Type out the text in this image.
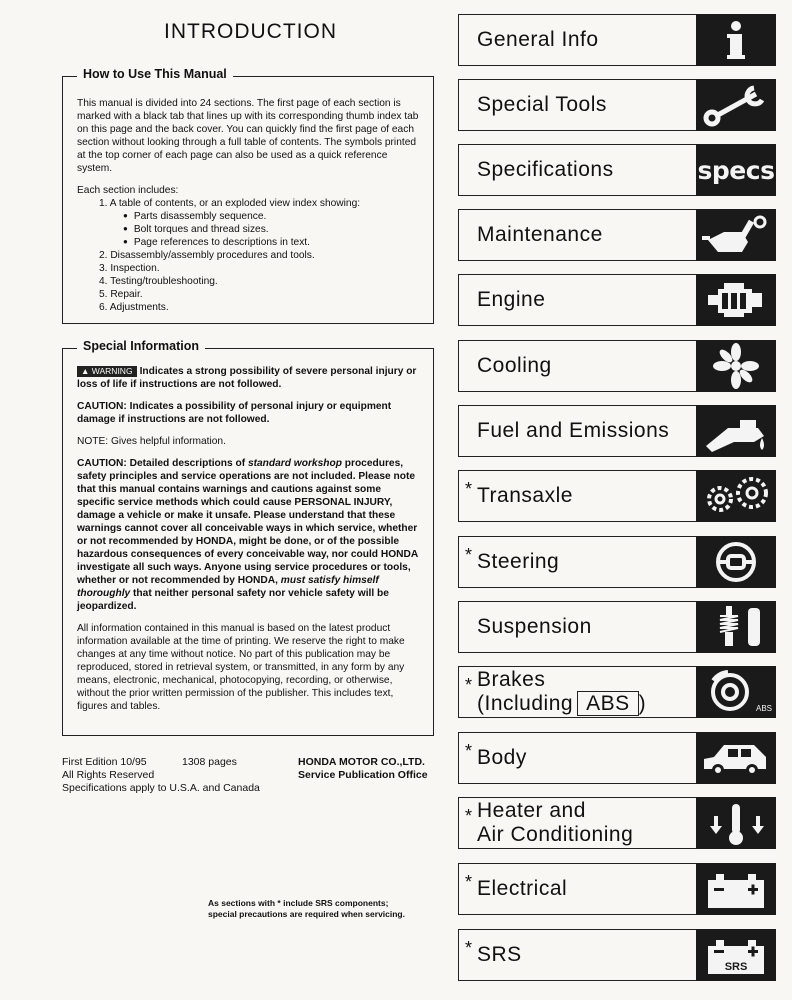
INTRODUCTION
How to Use This Manual

This manual is divided into 24 sections. The first page of each section is marked with a black tab that lines up with its corresponding thumb index tab on this page and the back cover. You can quickly find the first page of each section without looking through a full table of contents. The symbols printed at the top corner of each page can also be used as a quick reference system.

Each section includes:
1. A table of contents, or an exploded view index showing:
● Parts disassembly sequence.
● Bolt torques and thread sizes.
● Page references to descriptions in text.
2. Disassembly/assembly procedures and tools.
3. Inspection.
4. Testing/troubleshooting.
5. Repair.
6. Adjustments.
Special Information

▲ WARNING Indicates a strong possibility of severe personal injury or loss of life if instructions are not followed.

CAUTION: Indicates a possibility of personal injury or equipment damage if instructions are not followed.

NOTE: Gives helpful information.

CAUTION: Detailed descriptions of standard workshop procedures, safety principles and service operations are not included. Please note that this manual contains warnings and cautions against some specific service methods which could cause PERSONAL INJURY, damage a vehicle or make it unsafe. Please understand that these warnings cannot cover all conceivable ways in which service, whether or not recommended by HONDA, might be done, or of the possible hazardous consequences of every conceivable way, nor could HONDA investigate all such ways. Anyone using service procedures or tools, whether or not recommended by HONDA, must satisfy himself thoroughly that neither personal safety nor vehicle safety will be jeopardized.

All information contained in this manual is based on the latest product information available at the time of printing. We reserve the right to make changes at any time without notice. No part of this publication may be reproduced, stored in retrieval system, or transmitted, in any form by any means, electronic, mechanical, photocopying, recording, or otherwise, without the prior written permission of the publisher. This includes text, figures and tables.

First Edition 10/95
All Rights Reserved
Specifications apply to U.S.A. and Canada
1308 pages	HONDA MOTOR CO.,LTD.
Service Publication Office
As sections with * include SRS components;
special precautions are required when servicing.
General Info
Special Tools
Specifications	specs
Maintenance
Engine
Cooling
Fuel and Emissions
* Transaxle
* Steering
Suspension
* Brakes
(Including ABS )	ABS
* Body
* Heater and
Air Conditioning
* Electrical
* SRS
SRS
